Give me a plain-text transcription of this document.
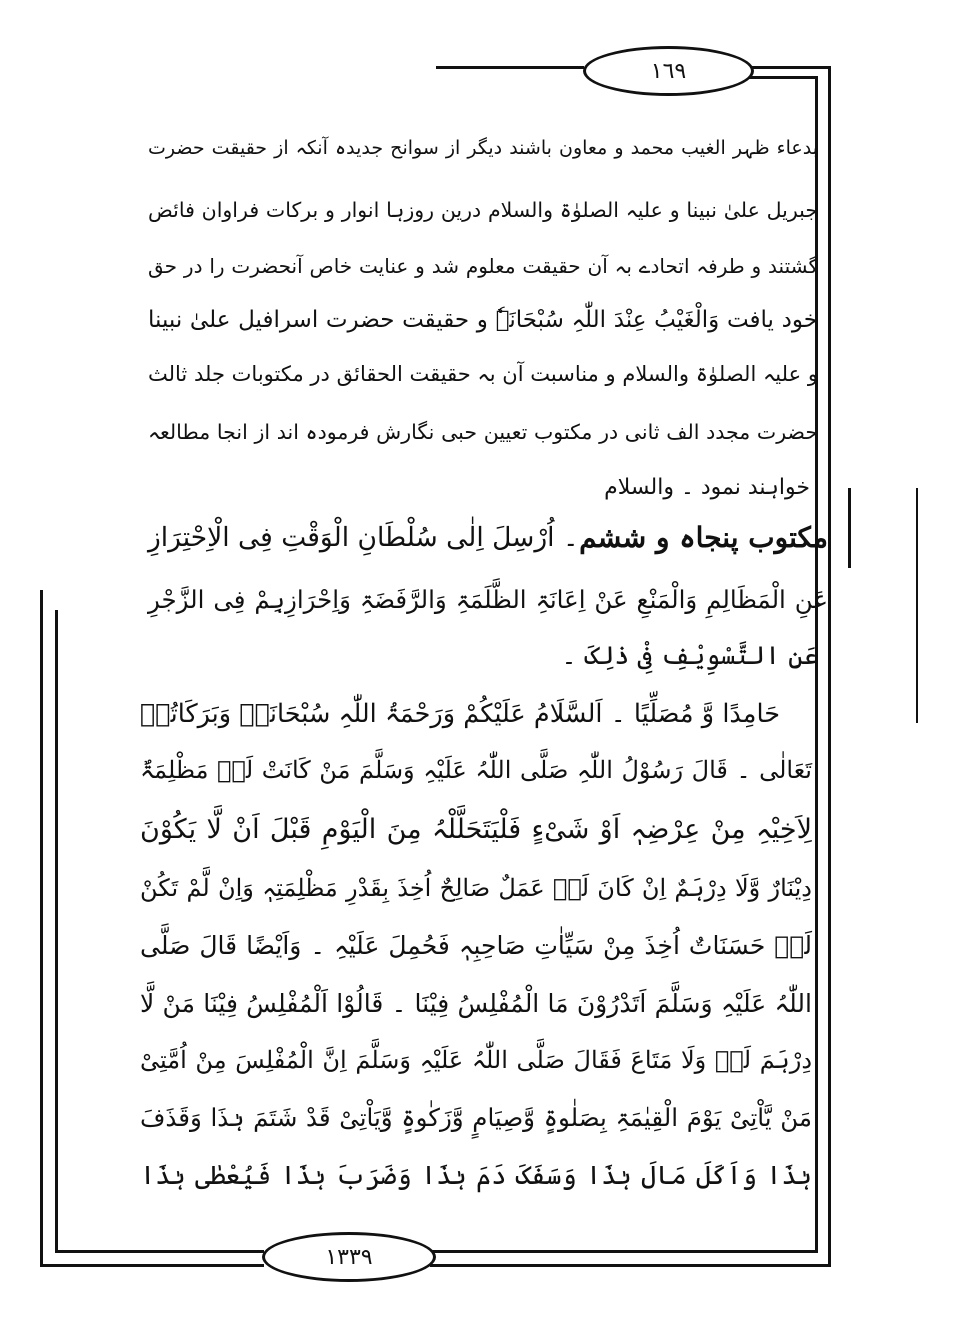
١٦٩
١٣٣٩
بدعاء ظہر الغیب محمد و معاون باشند دیگر از سوانح جدیدہ آنکہ از حقیقت حضرت
جبریل علیٰ نبینا و علیہ الصلوٰۃ والسلام درین روزہا انوار و برکات فراوان فائض
گشتند و طرفہ اتحادے بہ آن حقیقت معلوم شد و عنایت خاص آنحضرت را در حق
خود یافت وَالْغَیْبُ عِنْدَ اللّٰہِ سُبْحَانَہٗ و حقیقت حضرت اسرافیل علیٰ نبینا
و علیہ الصلوٰۃ والسلام و مناسبت آن بہ حقیقت الحقائق در مکتوبات جلد ثالث
حضرت مجدد الف ثانی در مکتوب تعیین حبی نگارش فرمودہ اند از انجا مطالعہ
خواہند نمود ۔ والسلام
مکتوب پنجاہ و ششم
۔ اُرْسِلَ اِلٰی سُلْطَانِ الْوَقْتِ فِی الْاِحْتِرَازِ
عَنِ الْمَظَالِمِ وَالْمَنْعِ عَنْ اِعَانَۃِ الظَّلَمَۃِ وَالرَّفَضَۃِ وَاِحْرَازِہِمْ فِی الزَّجْرِ
عَنِ التَّسْوِیْفِ فِیْ ذٰلِکَ ۔
حَامِدًا وَّ مُصَلِّیًا ۔ اَلسَّلَامُ عَلَیْکُمْ وَرَحْمَۃُ اللّٰہِ سُبْحَانَہٗ وَبَرَکَاتُہٗ
تَعَالٰی ۔ قَالَ رَسُوْلُ اللّٰہِ صَلَّی اللّٰہُ عَلَیْہِ وَسَلَّمَ مَنْ کَانَتْ لَہٗ مَظْلِمَۃٌ
لِاَخِیْہِ مِنْ عِرْضِہٖ اَوْ شَیْءٍ فَلْیَتَحَلَّلْہُ مِنَ الْیَوْمِ قَبْلَ اَنْ لَّا یَکُوْنَ
دِیْنَارٌ وَّلَا دِرْہَمٌ اِنْ کَانَ لَہٗ عَمَلٌ صَالِحٌ اُخِذَ بِقَدْرِ مَظْلِمَتِہٖ وَاِنْ لَّمْ تَکُنْ
لَہٗ حَسَنَاتٌ اُخِذَ مِنْ سَیِّاٰتِ صَاحِبِہٖ فَحُمِلَ عَلَیْہِ ۔ وَاَیْضًا قَالَ صَلَّی
اللّٰہُ عَلَیْہِ وَسَلَّمَ اَتَدْرُوْنَ مَا الْمُفْلِسُ فِیْنَا ۔ قَالُوْا اَلْمُفْلِسُ فِیْنَا مَنْ لَّا
دِرْہَمَ لَہٗ وَلَا مَتَاعَ فَقَالَ صَلَّی اللّٰہُ عَلَیْہِ وَسَلَّمَ اِنَّ الْمُفْلِسَ مِنْ اُمَّتِیْ
مَنْ یَّاْتِیْ یَوْمَ الْقِیٰمَۃِ بِصَلٰوۃٍ وَّصِیَامٍ وَّزَکٰوۃٍ وَّیَاْتِیْ قَدْ شَتَمَ ہٰذَا وَقَذَفَ
ہٰذَا وَاَکَلَ مَالَ ہٰذَا وَسَفَکَ دَمَ ہٰذَا وَضَرَبَ ہٰذَا فَیُعْطٰی ہٰذَا
